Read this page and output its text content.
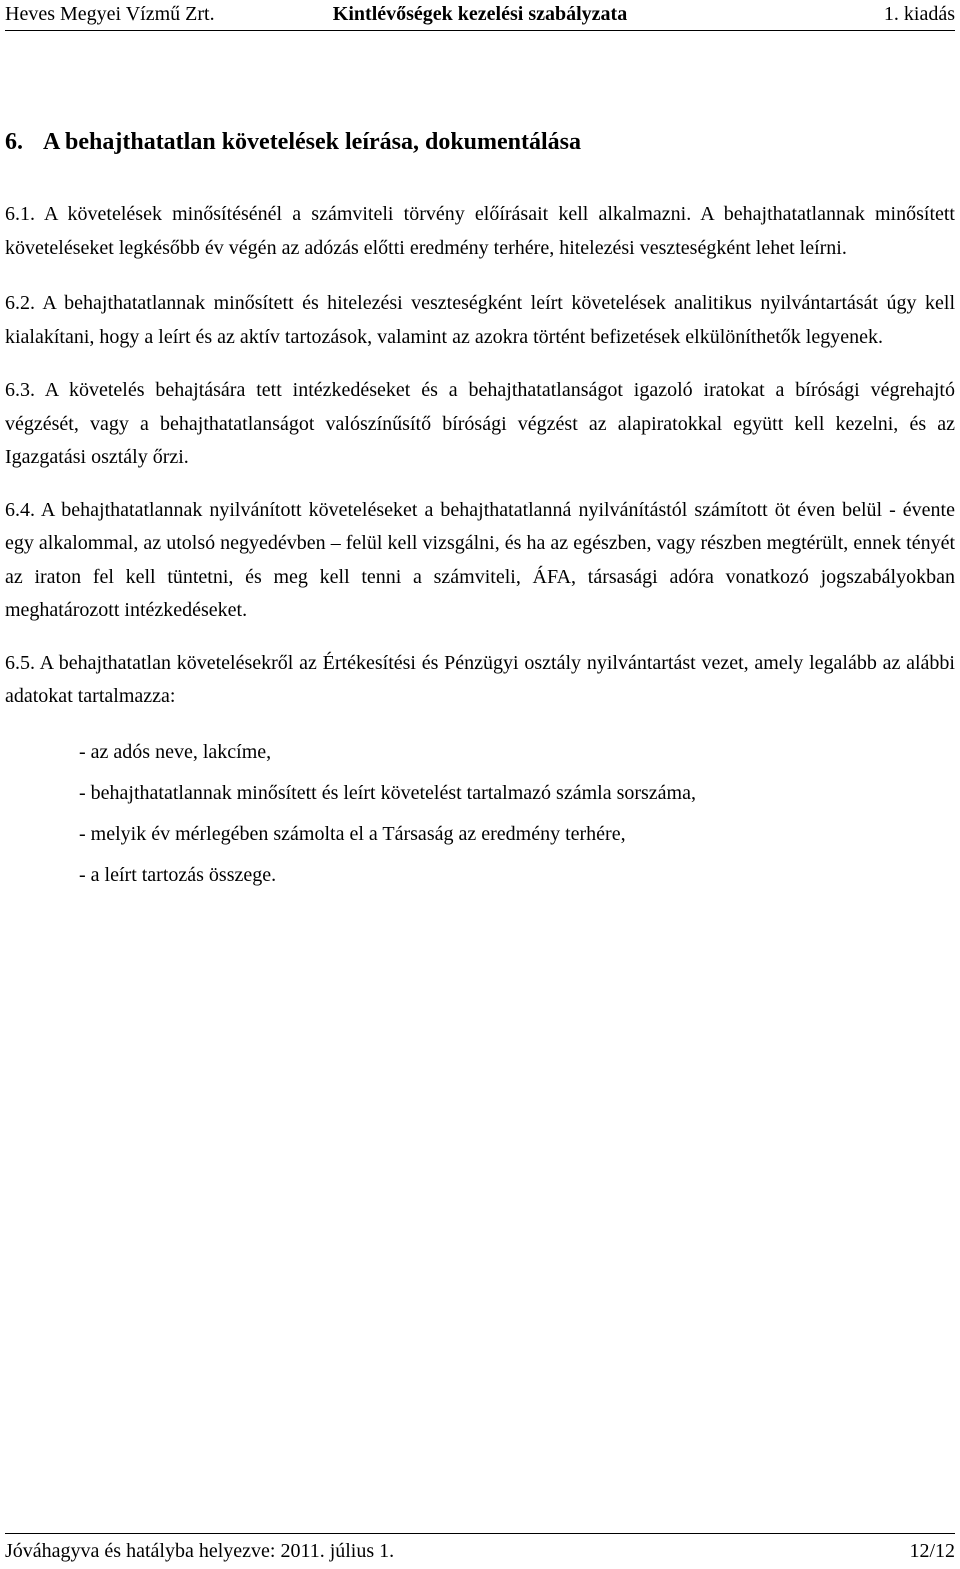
Kintlévőségek kezelési szabályzata
Heves Megyei Vízmű Zrt.	1. kiadás
6. A behajthatatlan követelések leírása, dokumentálása

6.1. A követelések minősítésénél a számviteli törvény előírásait kell alkalmazni. A behajthatatlannak minősített követeléseket legkésőbb év végén az adózás előtti eredmény terhére, hitelezési veszteségként lehet leírni.

6.2. A behajthatatlannak minősített és hitelezési veszteségként leírt követelések analitikus nyilvántartását úgy kell kialakítani, hogy a leírt és az aktív tartozások, valamint az azokra történt befizetések elkülöníthetők legyenek.

6.3. A követelés behajtására tett intézkedéseket és a behajthatatlanságot igazoló iratokat a bírósági végrehajtó végzését, vagy a behajthatatlanságot valószínűsítő bírósági végzést az alapiratokkal együtt kell kezelni, és az Igazgatási osztály őrzi.

6.4. A behajthatatlannak nyilvánított követeléseket a behajthatatlanná nyilvánítástól számított öt éven belül - évente egy alkalommal, az utolsó negyedévben – felül kell vizsgálni, és ha az egészben, vagy részben megtérült, ennek tényét az iraton fel kell tüntetni, és meg kell tenni a számviteli, ÁFA, társasági adóra vonatkozó jogszabályokban meghatározott intézkedéseket.

6.5. A behajthatatlan követelésekről az Értékesítési és Pénzügyi osztály nyilvántartást vezet, amely legalább az alábbi adatokat tartalmazza:

- az adós neve, lakcíme,
- behajthatatlannak minősített és leírt követelést tartalmazó számla sorszáma,
- melyik év mérlegében számolta el a Társaság az eredmény terhére,
- a leírt tartozás összege.
Jóváhagyva és hatályba helyezve: 2011. július 1.	12/12
